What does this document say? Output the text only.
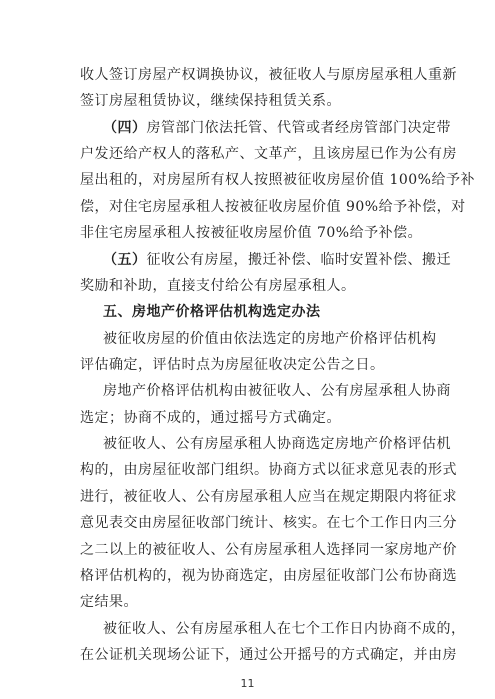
收人签订房屋产权调换协议，被征收人与原房屋承租人重新
签订房屋租赁协议，继续保持租赁关系。
（四）房管部门依法托管、代管或者经房管部门决定带
户发还给产权人的落私产、文革产，且该房屋已作为公有房
屋出租的，对房屋所有权人按照被征收房屋价值 100%给予补
偿，对住宅房屋承租人按被征收房屋价值 90%给予补偿，对
非住宅房屋承租人按被征收房屋价值 70%给予补偿。
（五）征收公有房屋，搬迁补偿、临时安置补偿、搬迁
奖励和补助，直接支付给公有房屋承租人。
五、房地产价格评估机构选定办法
被征收房屋的价值由依法选定的房地产价格评估机构
评估确定，评估时点为房屋征收决定公告之日。
房地产价格评估机构由被征收人、公有房屋承租人协商
选定；协商不成的，通过摇号方式确定。
被征收人、公有房屋承租人协商选定房地产价格评估机
构的，由房屋征收部门组织。协商方式以征求意见表的形式
进行，被征收人、公有房屋承租人应当在规定期限内将征求
意见表交由房屋征收部门统计、核实。在七个工作日内三分
之二以上的被征收人、公有房屋承租人选择同一家房地产价
格评估机构的，视为协商选定，由房屋征收部门公布协商选
定结果。
被征收人、公有房屋承租人在七个工作日内协商不成的，
在公证机关现场公证下，通过公开摇号的方式确定，并由房
11
